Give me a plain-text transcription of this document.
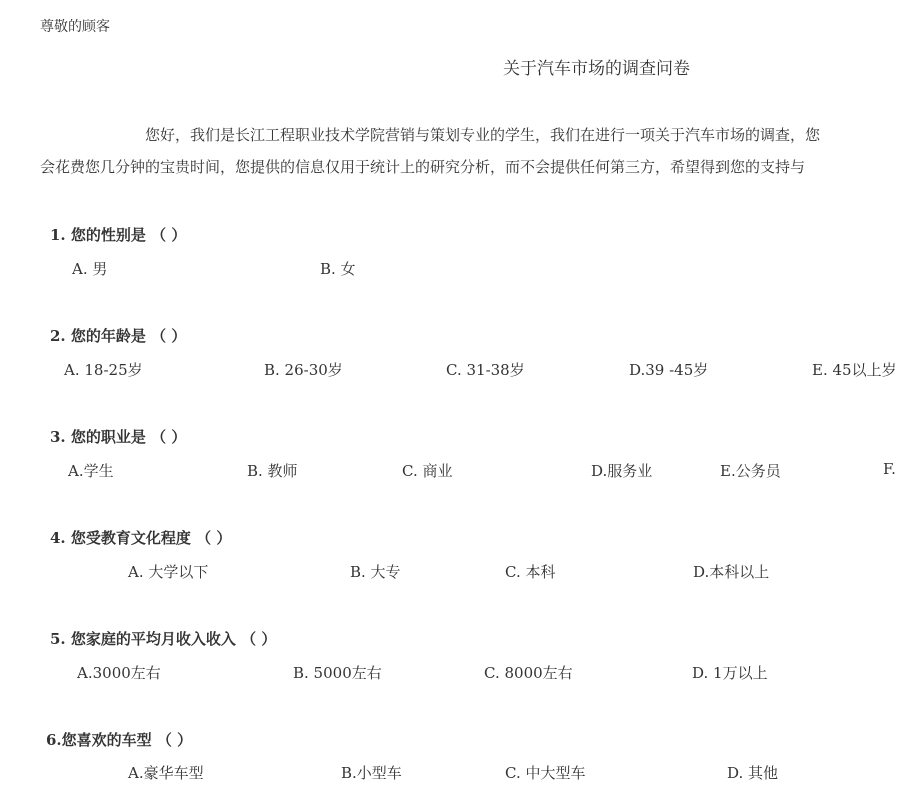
尊敬的顾客
关于汽车市场的调查问卷
您好，我们是长江工程职业技术学院营销与策划专业的学生，我们在进行一项关于汽车市场的调查，您
会花费您几分钟的宝贵时间，您提供的信息仅用于统计上的研究分析，而不会提供任何第三方，希望得到您的支持与
1. 您的性别是 （ ）
A. 男	B. 女
2. 您的年龄是 （ ）
A. 18-25岁	B. 26-30岁	C. 31-38岁	D.39 -45岁	E. 45以上岁
3. 您的职业是 （ ）
A.学生	B. 教师	C. 商业	D.服务业	E.公务员	F.
4. 您受教育文化程度 （ ）
A. 大学以下	B. 大专	C. 本科	D.本科以上
5. 您家庭的平均月收入收入 （ ）
A.3000左右	B. 5000左右	C. 8000左右	D. 1万以上
6.您喜欢的车型 （ ）
A.豪华车型	B.小型车	C. 中大型车	D. 其他
